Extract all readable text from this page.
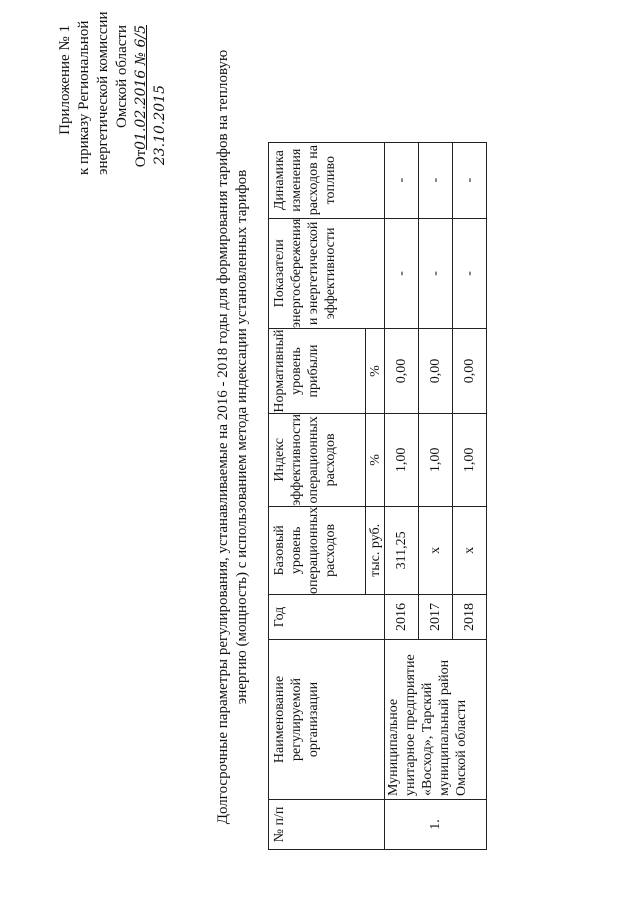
Приложение № 1 к приказу Региональной энергетической комиссии Омской области
От01.02.2016 № 6/5 23.10.2015	Долгосрочные параметры регулирования, устанавливаемые на 2016 - 2018 годы для формирования тарифов на тепловую энергию (мощность) с использованием метода индексации установленных тарифов
№ п/п	Наименование регулируемой организации	Год	Базовый уровень операционных расходов	Индекс эффективности операционных расходов	Нормативный уровень прибыли	Показатели энергосбережения и энергетической эффективности	Динамика изменения расходов на топливо
			тыс. руб.	%	%		
1.	Муниципальное унитарное предприятие «Восход», Тарский муниципальный район Омской области	2016	311,25	1,00	0,00	-	-
		2017	x	1,00	0,00	-	-
		2018	x	1,00	0,00	-	-
